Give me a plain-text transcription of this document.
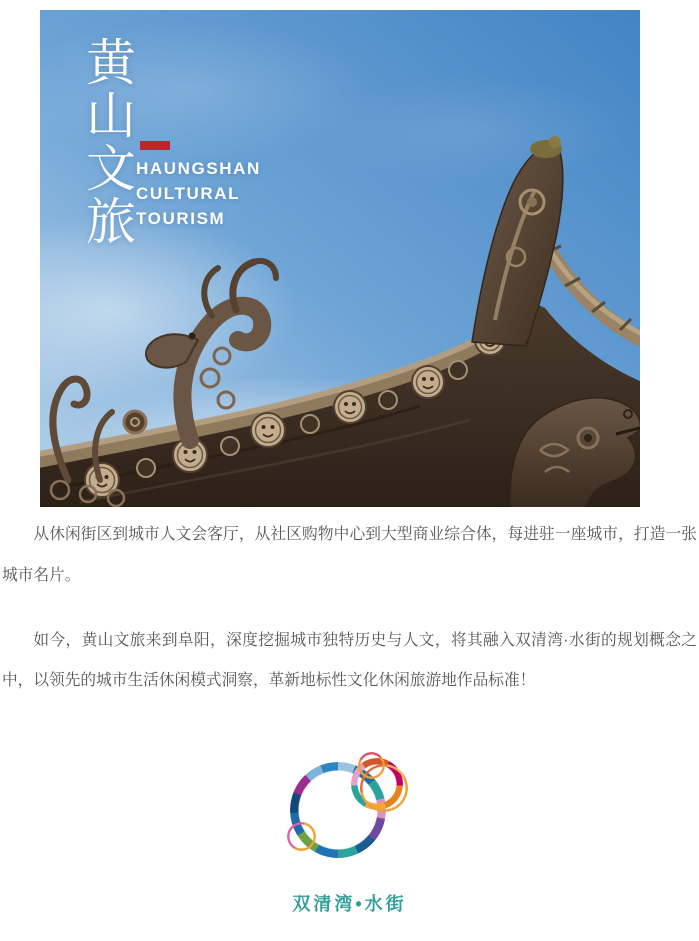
黄山文旅 HAUNGSHAN
CULTURAL
TOURISM

从休闲街区到城市人文会客厅，从社区购物中心到大型商业综合体，每进驻一座城市，打造一张城市名片。

如今，黄山文旅来到阜阳，深度挖掘城市独特历史与人文，将其融入双清湾·水街的规划概念之中，以领先的城市生活休闲模式洞察，革新地标性文化休闲旅游地作品标准！

双清湾•水街
